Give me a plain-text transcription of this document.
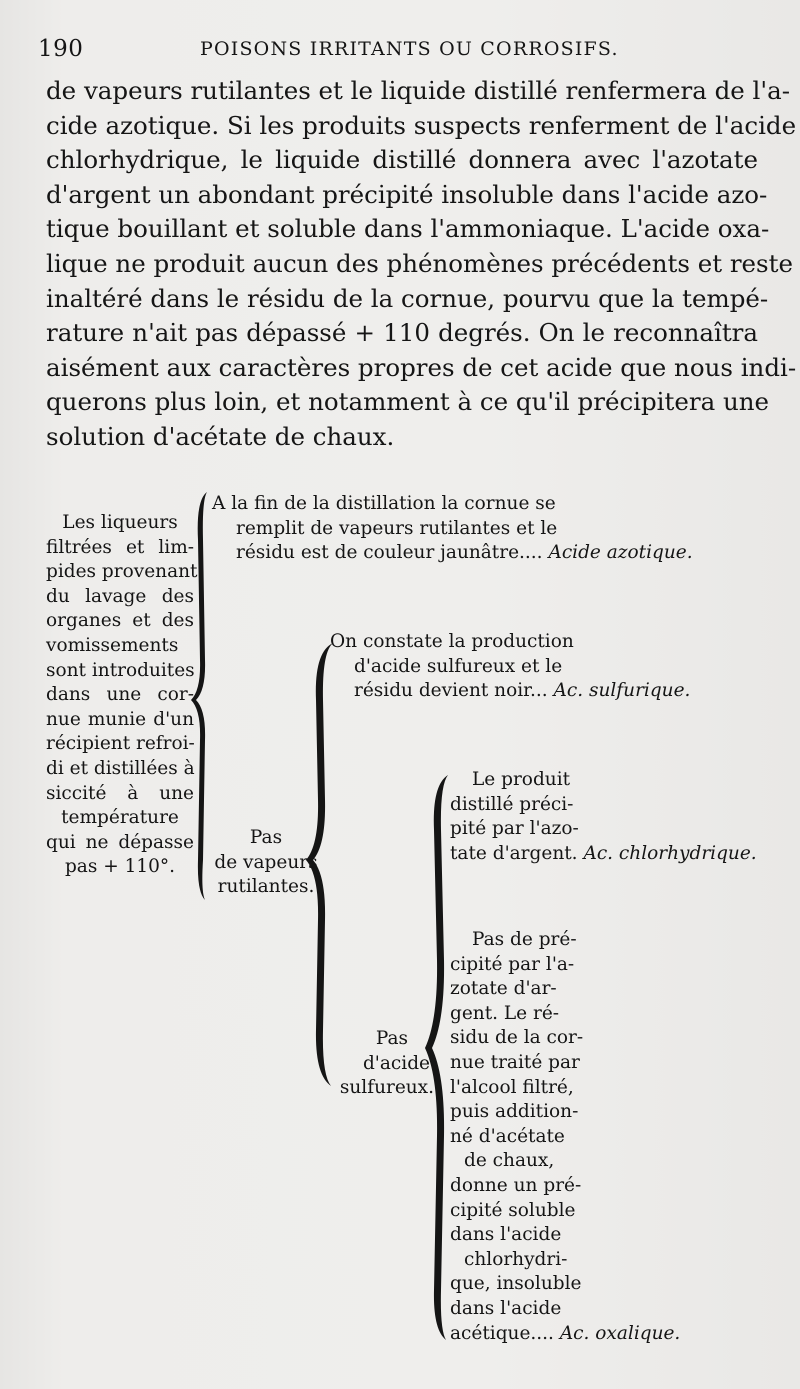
190	POISONS IRRITANTS OU CORROSIFS.
de vapeurs rutilantes et le liquide distillé renfermera de l'a-
cide azotique. Si les produits suspects renferment de l'acide
chlorhydrique, le liquide distillé donnera avec l'azotate
d'argent un abondant précipité insoluble dans l'acide azo-
tique bouillant et soluble dans l'ammoniaque. L'acide oxa-
lique ne produit aucun des phénomènes précédents et reste
inaltéré dans le résidu de la cornue, pourvu que la tempé-
rature n'ait pas dépassé + 110 degrés. On le reconnaîtra
aisément aux caractères propres de cet acide que nous indi-
querons plus loin, et notamment à ce qu'il précipitera une
solution d'acétate de chaux.
Les liqueurs
filtrées et lim-
pides provenant
du lavage des
organes et des
vomissements
sont introduites
dans une cor-
nue munie d'un
récipient refroi-
di et distillées à
siccité à une
température
qui ne dépasse
pas + 110°.
A la fin de la distillation la cornue se
remplit de vapeurs rutilantes et le
résidu est de couleur jaunâtre.... Acide azotique.
Pas
de vapeurs
rutilantes.
On constate la production
d'acide sulfureux et le
résidu devient noir... Ac. sulfurique.
Pas
d'acide
sulfureux.
Le produit
distillé préci-
pité par l'azo-
tate d'argent. Ac. chlorhydrique.
Pas de pré-
cipité par l'a-
zotate d'ar-
gent. Le ré-
sidu de la cor-
nue traité par
l'alcool filtré,
puis addition-
né d'acétate
de chaux,
donne un pré-
cipité soluble
dans l'acide
chlorhydri-
que, insoluble
dans l'acide
acétique.... Ac. oxalique.
